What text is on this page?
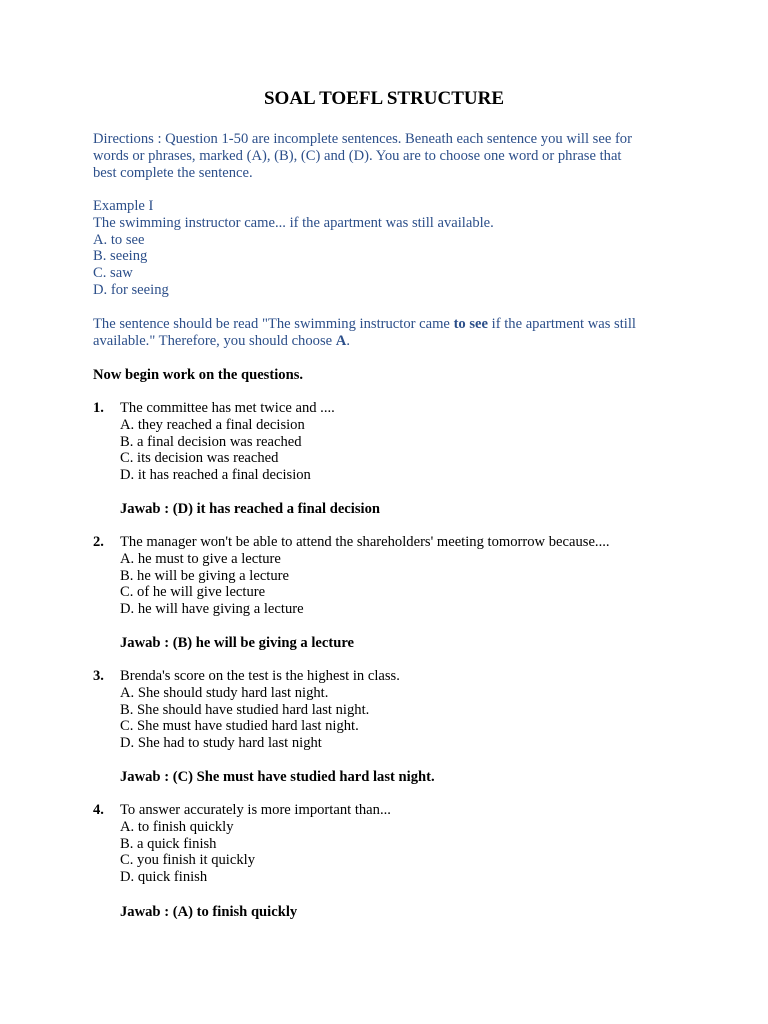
SOAL TOEFL STRUCTURE
Directions : Question 1-50 are incomplete sentences. Beneath each sentence you will see for
words or phrases, marked (A), (B), (C) and (D). You are to choose one word or phrase that
best complete the sentence.
Example I
The swimming instructor came... if the apartment was still available.
A. to see
B. seeing
C. saw
D. for seeing
The sentence should be read "The swimming instructor came to see if the apartment was still
available." Therefore, you should choose A.
Now begin work on the questions.
1. The committee has met twice and ....
A. they reached a final decision
B. a final decision was reached
C. its decision was reached
D. it has reached a final decision
Jawab : (D) it has reached a final decision
2. The manager won't be able to attend the shareholders' meeting tomorrow because....
A. he must to give a lecture
B. he will be giving a lecture
C. of he will give lecture
D. he will have giving a lecture
Jawab : (B) he will be giving a lecture
3. Brenda's score on the test is the highest in class.
A. She should study hard last night.
B. She should have studied hard last night.
C. She must have studied hard last night.
D. She had to study hard last night
Jawab : (C) She must have studied hard last night.
4. To answer accurately is more important than...
A. to finish quickly
B. a quick finish
C. you finish it quickly
D. quick finish
Jawab : (A) to finish quickly
